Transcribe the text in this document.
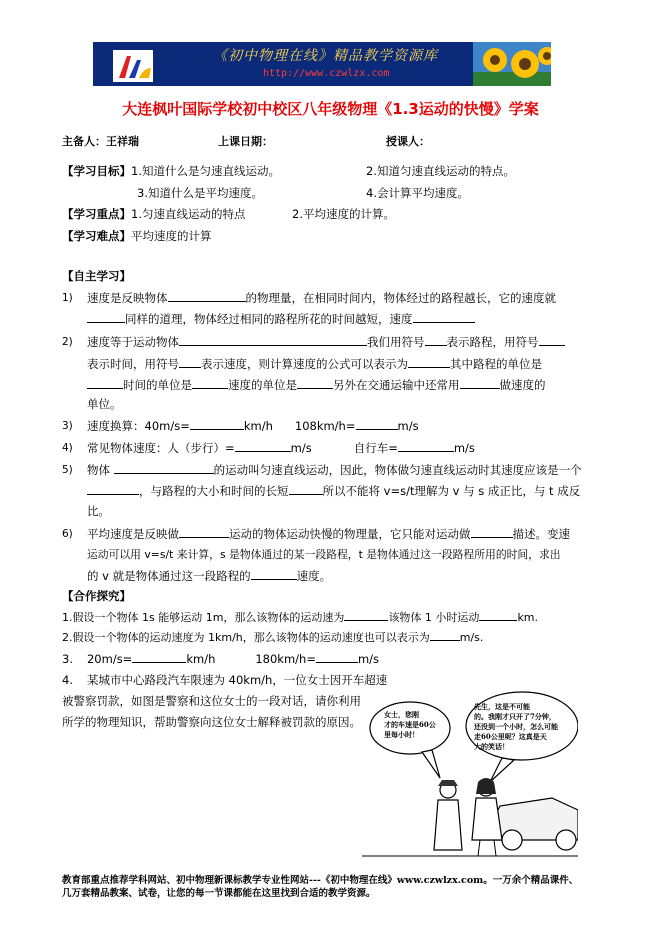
《初中物理在线》精品教学资源库
http://www.czwlzx.com
大连枫叶国际学校初中校区八年级物理《1.3运动的快慢》学案
主备人：王祥瑞	上课日期：	授课人：
【学习目标】1.知道什么是匀速直线运动。	2.知道匀速直线运动的特点。
3.知道什么是平均速度。	4.会计算平均速度。
【学习重点】1.匀速直线运动的特点	2.平均速度的计算。
【学习难点】平均速度的计算
【自主学习】
1) 速度是反映物体	的物理量，在相同时间内，物体经过的路程越长，它的速度就
同样的道理，物体经过相同的路程所花的时间越短，速度
2) 速度等于运动物体	我们用符号 表示路程，用符号
表示时间，用符号 表示速度，则计算速度的公式可以表示为	其中路程的单位是
时间的单位是	速度的单位是	另外在交通运输中还常用	做速度的
单位。
3) 速度换算：40m/s=	km/h 108km/h=	m/s
4) 常见物体速度：人（步行）=	m/s	自行车=	m/s
5) 物体	的运动叫匀速直线运动，因此，物体做匀速直线运动时其速度应该是一个
，与路程的大小和时间的长短	所以不能将 v=s/t理解为 v 与 s 成正比，与 t 成反
比。
6) 平均速度是反映做	运动的物体运动快慢的物理量，它只能对运动做	描述。变速
运动可以用 v=s/t 来计算，s 是物体通过的某一段路程，t 是物体通过这一段路程所用的时间，求出
的 v 就是物体通过这一段路程的	速度。
【合作探究】
1.假设一个物体 1s 能够运动 1m，那么该物体的运动速为	该物体 1 小时运动	km.
2.假设一个物体的运动速度为 1km/h，那么该物体的运动速度也可以表示为	m/s.
3. 20m/s=	km/h	180km/h=	m/s
4. 某城市中心路段汽车限速为 40km/h，一位女士因开车超速
被警察罚款，如图是警察和这位女士的一段对话，请你利用
所学的物理知识，帮助警察向这位女士解释被罚款的原因。
女士，您刚
才的车速是60公
里每小时！
先生，这是不可能
的。我刚才只开了7分钟，
还没到一个小时，怎么可能
走60公里呢？这真是天
大的笑话！
教育部重点推荐学科网站、初中物理新课标教学专业性网站---《初中物理在线》www.czwlzx.com。一万余个精品课件、
几万套精品教案、试卷，让您的每一节课都能在这里找到合适的教学资源。
